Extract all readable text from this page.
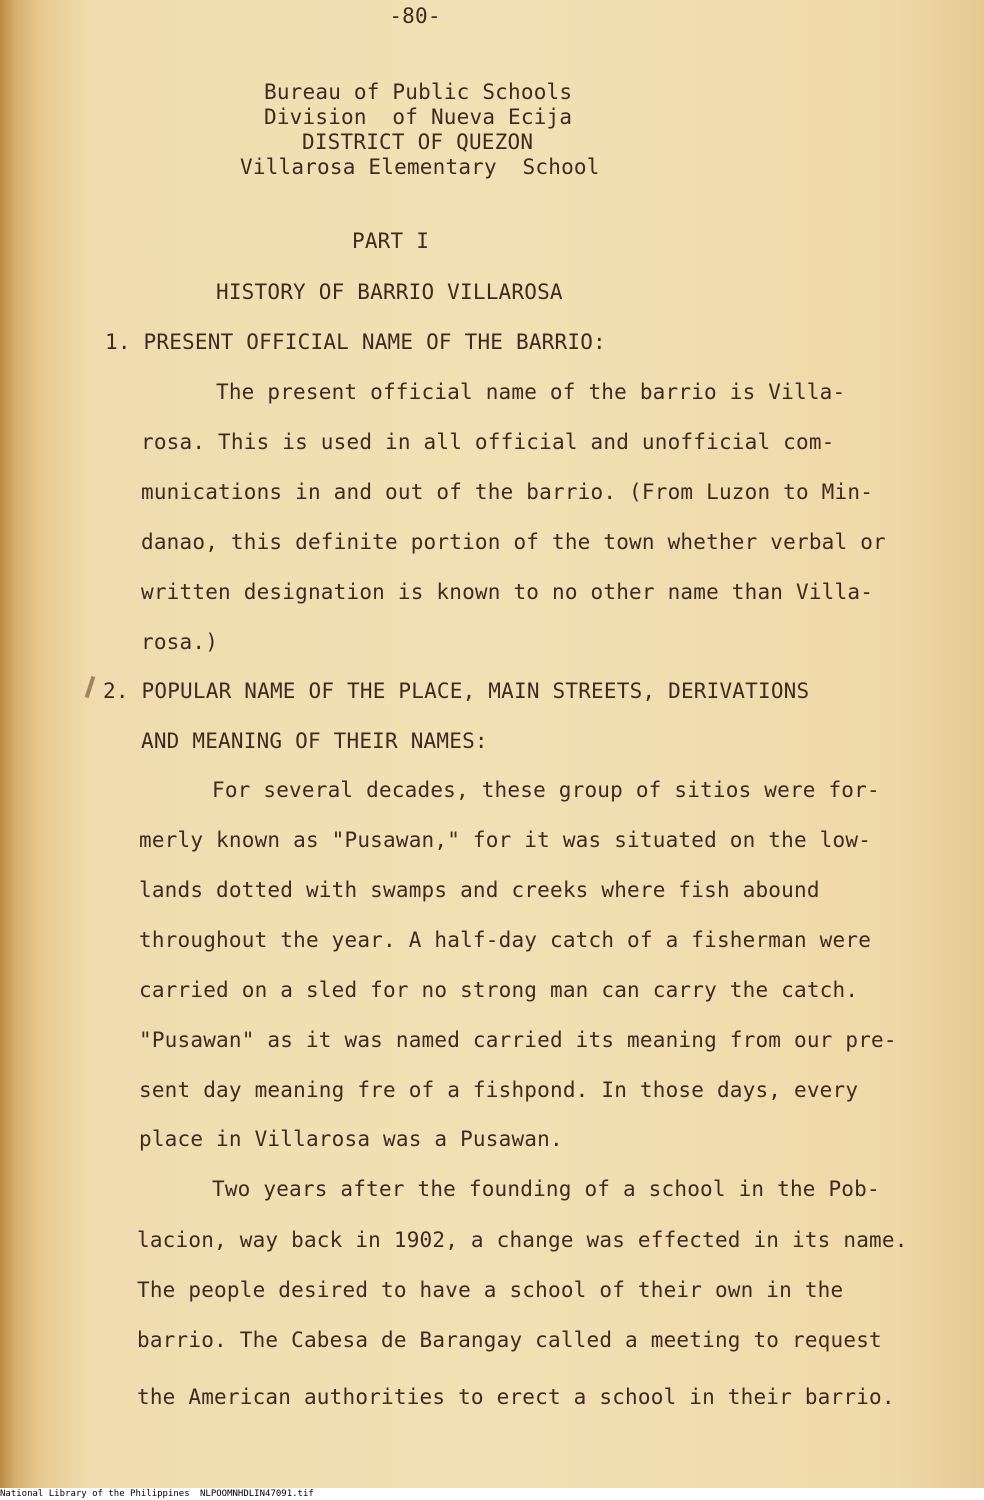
-80-
Bureau of Public Schools
Division  of Nueva Ecija
DISTRICT OF QUEZON
Villarosa Elementary  School
PART I
HISTORY OF BARRIO VILLAROSA
1. PRESENT OFFICIAL NAME OF THE BARRIO:
The present official name of the barrio is Villa-
rosa. This is used in all official and unofficial com-
munications in and out of the barrio. (From Luzon to Min-
danao, this definite portion of the town whether verbal or
written designation is known to no other name than Villa-
rosa.)
2. POPULAR NAME OF THE PLACE, MAIN STREETS, DERIVATIONS
AND MEANING OF THEIR NAMES:
For several decades, these group of sitios were for-
merly known as "Pusawan," for it was situated on the low-
lands dotted with swamps and creeks where fish abound
throughout the year. A half-day catch of a fisherman were
carried on a sled for no strong man can carry the catch.
"Pusawan" as it was named carried its meaning from our pre-
sent day meaning fre of a fishpond. In those days, every
place in Villarosa was a Pusawan.
Two years after the founding of a school in the Pob-
lacion, way back in 1902, a change was effected in its name.
The people desired to have a school of their own in the
barrio. The Cabesa de Barangay called a meeting to request
the American authorities to erect a school in their barrio.
National Library of the Philippines NLPOOMNHDLIN47091.tif
